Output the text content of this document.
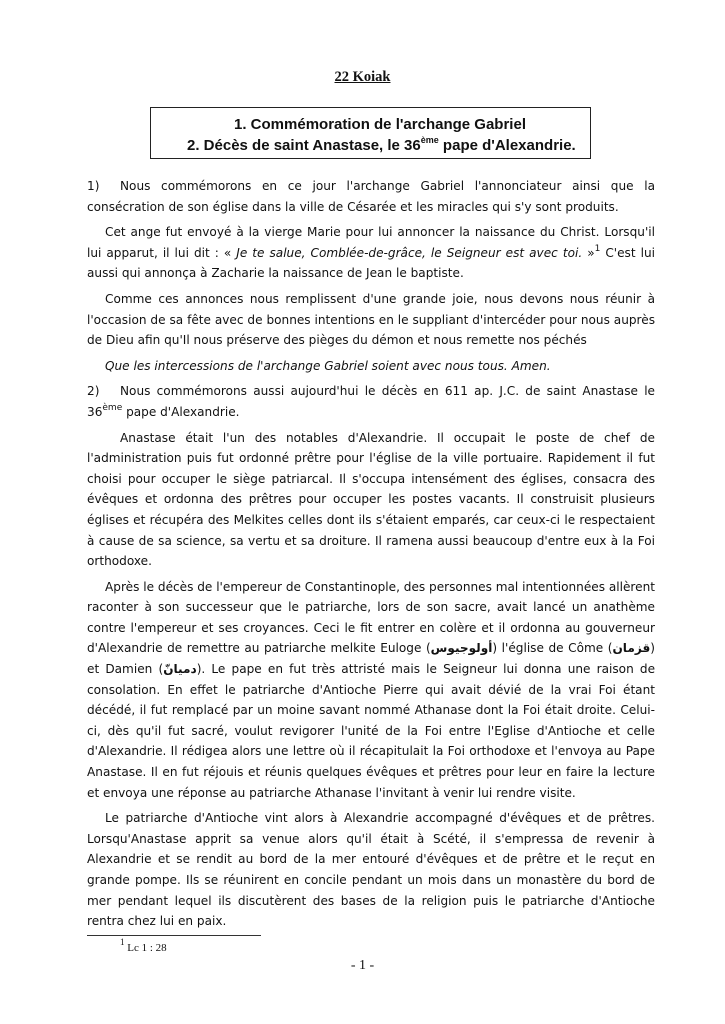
22 Koiak
1. Commémoration de l'archange Gabriel
2. Décès de saint Anastase, le 36ème pape d'Alexandrie.

1) Nous commémorons en ce jour l'archange Gabriel l'annonciateur ainsi que la consécration de son église dans la ville de Césarée et les miracles qui s'y sont produits.

Cet ange fut envoyé à la vierge Marie pour lui annoncer la naissance du Christ. Lorsqu'il lui apparut, il lui dit : « Je te salue, Comblée-de-grâce, le Seigneur est avec toi. »$^1$ C'est lui aussi qui annonça à Zacharie la naissance de Jean le baptiste.

Comme ces annonces nous remplissent d'une grande joie, nous devons nous réunir à l'occasion de sa fête avec de bonnes intentions en le suppliant d'intercéder pour nous auprès de Dieu afin qu'Il nous préserve des pièges du démon et nous remette nos péchés

Que les intercessions de l'archange Gabriel soient avec nous tous. Amen.

2) Nous commémorons aussi aujourd'hui le décès en 611 ap. J.C. de saint Anastase le 36ème pape d'Alexandrie.

Anastase était l'un des notables d'Alexandrie. Il occupait le poste de chef de l'administration puis fut ordonné prêtre pour l'église de la ville portuaire. Rapidement il fut choisi pour occuper le siège patriarcal. Il s'occupa intensément des églises, consacra des évêques et ordonna des prêtres pour occuper les postes vacants. Il construisit plusieurs églises et récupéra des Melkites celles dont ils s'étaient emparés, car ceux-ci le respectaient à cause de sa science, sa vertu et sa droiture. Il ramena aussi beaucoup d'entre eux à la Foi orthodoxe.

Après le décès de l'empereur de Constantinople, des personnes mal intentionnées allèrent raconter à son successeur que le patriarche, lors de son sacre, avait lancé un anathème contre l'empereur et ses croyances. Ceci le fit entrer en colère et il ordonna au gouverneur d'Alexandrie de remettre au patriarche melkite Euloge (أولوجيوس) l'église de Côme (قزمان) et Damien (دميانّ). Le pape en fut très attristé mais le Seigneur lui donna une raison de consolation. En effet le patriarche d'Antioche Pierre qui avait dévié de la vrai Foi étant décédé, il fut remplacé par un moine savant nommé Athanase dont la Foi était droite. Celui-ci, dès qu'il fut sacré, voulut revigorer l'unité de la Foi entre l'Eglise d'Antioche et celle d'Alexandrie. Il rédigea alors une lettre où il récapitulait la Foi orthodoxe et l'envoya au Pape Anastase. Il en fut réjouis et réunis quelques évêques et prêtres pour leur en faire la lecture et envoya une réponse au patriarche Athanase l'invitant à venir lui rendre visite.

Le patriarche d'Antioche vint alors à Alexandrie accompagné d'évêques et de prêtres. Lorsqu'Anastase apprit sa venue alors qu'il était à Scété, il s'empressa de revenir à Alexandrie et se rendit au bord de la mer entouré d'évêques et de prêtre et le reçut en grande pompe. Ils se réunirent en concile pendant un mois dans un monastère du bord de mer pendant lequel ils discutèrent des bases de la religion puis le patriarche d'Antioche rentra chez lui en paix.

$^1$ Lc 1 : 28
- 1 -
